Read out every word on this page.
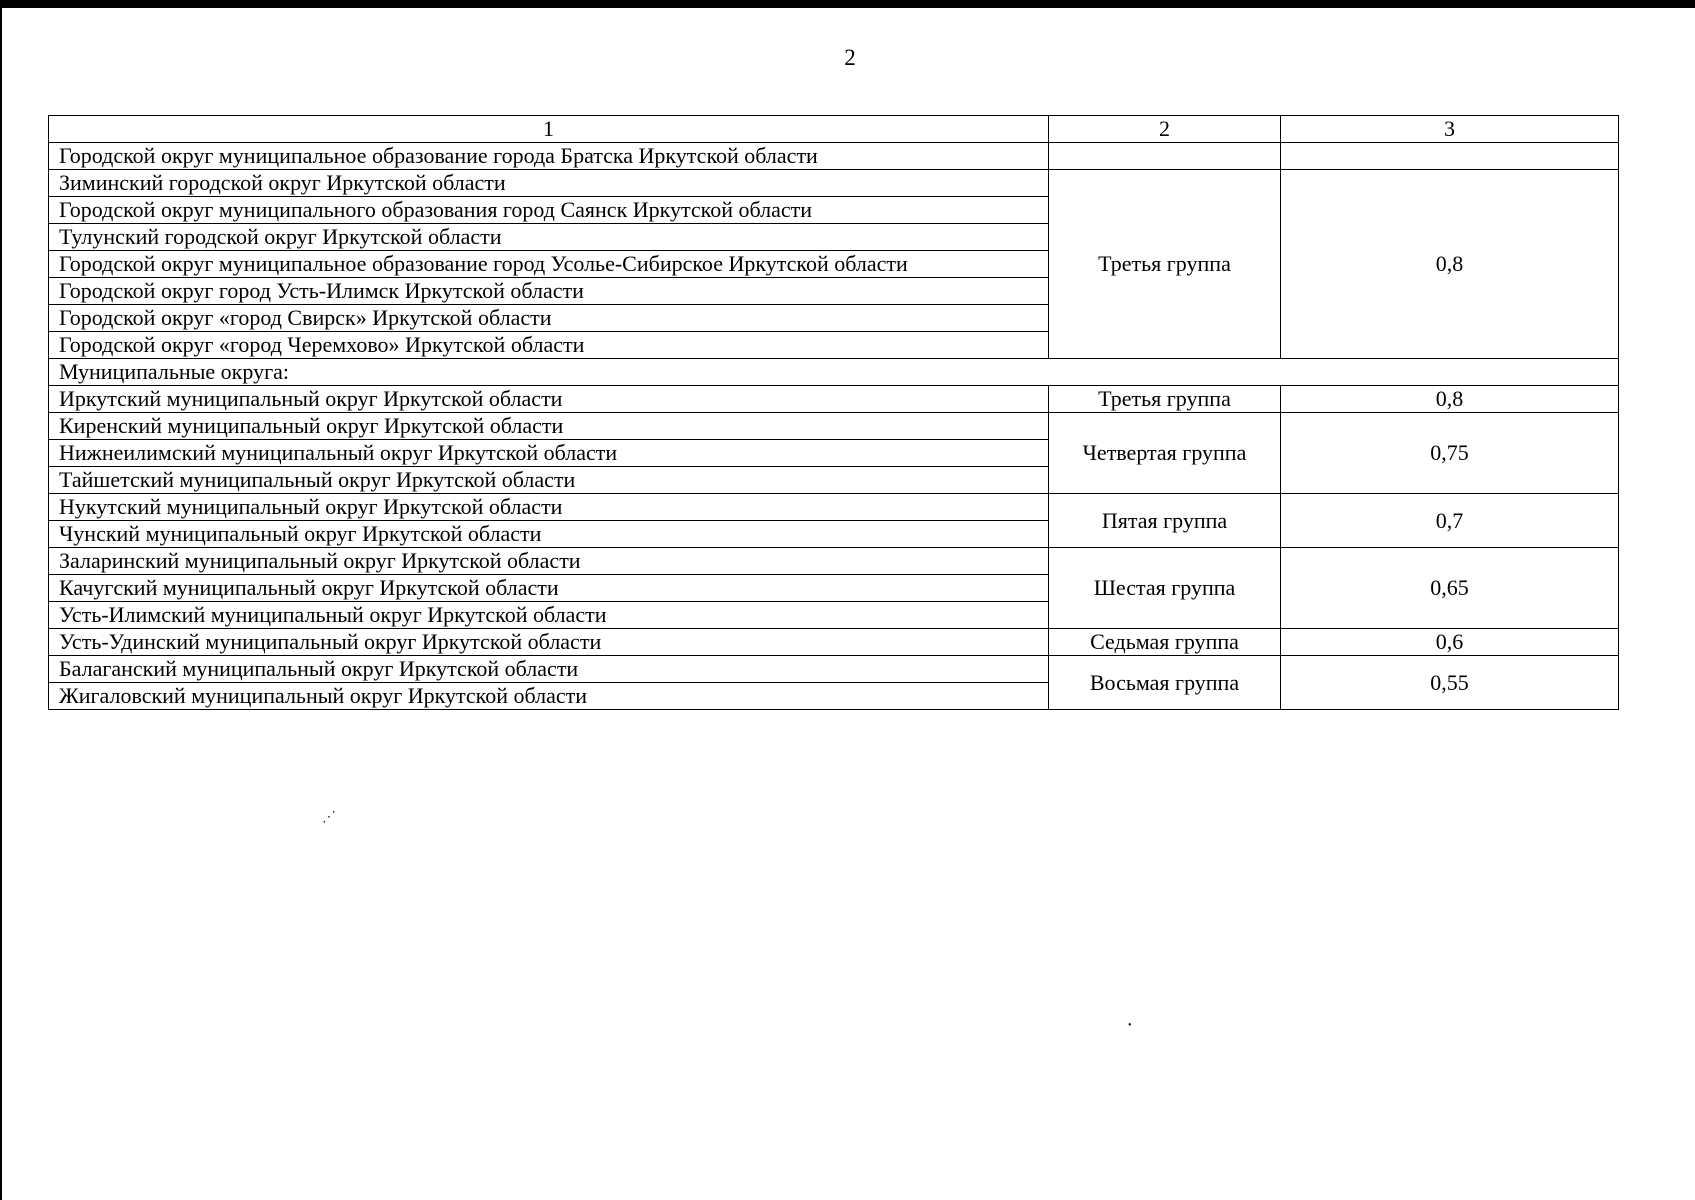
2
1	2	3
Городской округ муниципальное образование города Братска Иркутской области		
Зиминский городской округ Иркутской области	Третья группа	0,8
Городской округ муниципального образования город Саянск Иркутской области		
Тулунский городской округ Иркутской области		
Городской округ муниципальное образование город Усолье-Сибирское Иркутской области		
Городской округ город Усть-Илимск Иркутской области		
Городской округ «город Свирск» Иркутской области		
Городской округ «город Черемхово» Иркутской области		
Муниципальные округа:		
Иркутский муниципальный округ Иркутской области	Третья группа	0,8
Киренский муниципальный округ Иркутской области	Четвертая группа	0,75
Нижнеилимский муниципальный округ Иркутской области		
Тайшетский муниципальный округ Иркутской области		
Нукутский муниципальный округ Иркутской области	Пятая группа	0,7
Чунский муниципальный округ Иркутской области		
Заларинский муниципальный округ Иркутской области	Шестая группа	0,65
Качугский муниципальный округ Иркутской области		
Усть-Илимский муниципальный округ Иркутской области		
Усть-Удинский муниципальный округ Иркутской области	Седьмая группа	0,6
Балаганский муниципальный округ Иркутской области	Восьмая группа	0,55
Жигаловский муниципальный округ Иркутской области		
⋰
●
